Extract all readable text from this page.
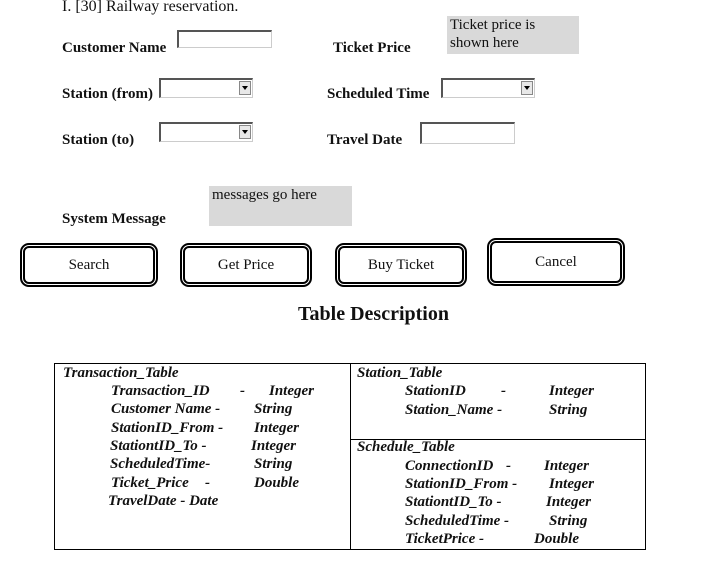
I. [30] Railway reservation.
Customer Name	Ticket Price
Ticket price is shown here
Station (from)	Scheduled Time
Station (to)	Travel Date
messages go here
System Message
Search	Get Price	Buy Ticket	Cancel
Table Description
Transaction_Table
Transaction_ID - Integer
Customer Name - String
StationID_From - Integer
StationtID_To -	Integer
ScheduledTime-	String
Ticket_Price -	Double
TravelDate - Date
Station_Table
StationID -	Integer
Station_Name -	String
Schedule_Table
ConnectionID - Integer
StationID_From - Integer
StationtID_To -	Integer
ScheduledTime -	String
TicketPrice -	Double
